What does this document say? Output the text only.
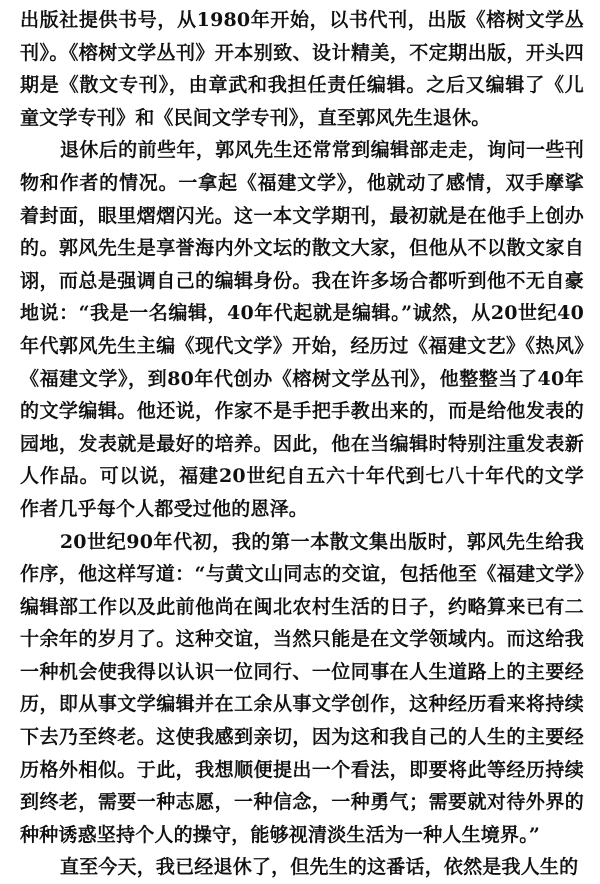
出版社提供书号，从1980年开始，以书代刊，出版《榕树文学丛刊》。《榕树文学丛刊》开本别致、设计精美，不定期出版，开头四期是《散文专刊》，由章武和我担任责任编辑。之后又编辑了《儿童文学专刊》和《民间文学专刊》，直至郭风先生退休。

退休后的前些年，郭风先生还常常到编辑部走走，询问一些刊物和作者的情况。一拿起《福建文学》，他就动了感情，双手摩挲着封面，眼里熠熠闪光。这一本文学期刊，最初就是在他手上创办的。郭风先生是享誉海内外文坛的散文大家，但他从不以散文家自诩，而总是强调自己的编辑身份。我在许多场合都听到他不无自豪地说：“我是一名编辑，40年代起就是编辑。”诚然，从20世纪40年代郭风先生主编《现代文学》开始，经历过《福建文艺》《热风》《福建文学》，到80年代创办《榕树文学丛刊》，他整整当了40年的文学编辑。他还说，作家不是手把手教出来的，而是给他发表的园地，发表就是最好的培养。因此，他在当编辑时特别注重发表新人作品。可以说，福建20世纪自五六十年代到七八十年代的文学作者几乎每个人都受过他的恩泽。

20世纪90年代初，我的第一本散文集出版时，郭风先生给我作序，他这样写道：“与黄文山同志的交谊，包括他至《福建文学》编辑部工作以及此前他尚在闽北农村生活的日子，约略算来已有二十余年的岁月了。这种交谊，当然只能是在文学领域内。而这给我一种机会使我得以认识一位同行、一位同事在人生道路上的主要经历，即从事文学编辑并在工余从事文学创作，这种经历看来将持续下去乃至终老。这使我感到亲切，因为这和我自己的人生的主要经历格外相似。于此，我想顺便提出一个看法，即要将此等经历持续到终老，需要一种志愿，一种信念，一种勇气；需要就对待外界的种种诱惑坚持个人的操守，能够视清淡生活为一种人生境界。”

直至今天，我已经退休了，但先生的这番话，依然是我人生的
